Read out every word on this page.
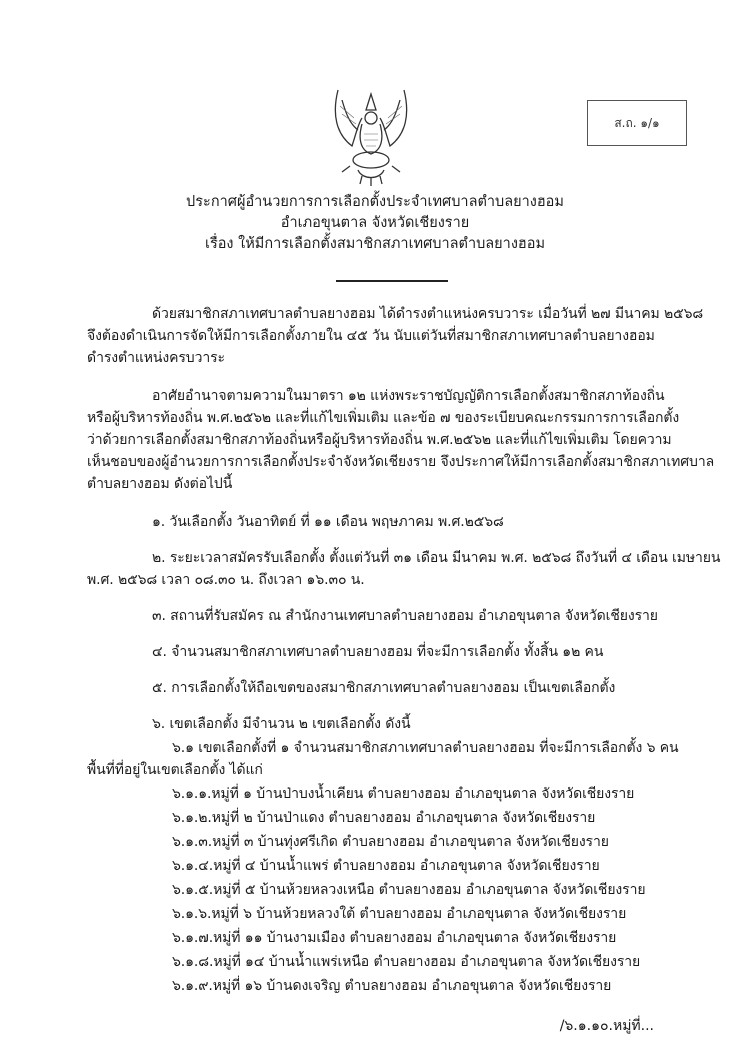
ส.ถ. ๑/๑
ประกาศผู้อำนวยการการเลือกตั้งประจำเทศบาลตำบลยางฮอม
อำเภอขุนตาล จังหวัดเชียงราย
เรื่อง ให้มีการเลือกตั้งสมาชิกสภาเทศบาลตำบลยางฮอม
ด้วยสมาชิกสภาเทศบาลตำบลยางฮอม ได้ดำรงตำแหน่งครบวาระ เมื่อวันที่ ๒๗ มีนาคม ๒๕๖๘
จึงต้องดำเนินการจัดให้มีการเลือกตั้งภายใน ๔๕ วัน นับแต่วันที่สมาชิกสภาเทศบาลตำบลยางฮอม
ดำรงตำแหน่งครบวาระ
อาศัยอำนาจตามความในมาตรา ๑๒ แห่งพระราชบัญญัติการเลือกตั้งสมาชิกสภาท้องถิ่น
หรือผู้บริหารท้องถิ่น พ.ศ.๒๕๖๒ และที่แก้ไขเพิ่มเติม และข้อ ๗ ของระเบียบคณะกรรมการการเลือกตั้ง
ว่าด้วยการเลือกตั้งสมาชิกสภาท้องถิ่นหรือผู้บริหารท้องถิ่น พ.ศ.๒๕๖๒ และที่แก้ไขเพิ่มเติม โดยความ
เห็นชอบของผู้อำนวยการการเลือกตั้งประจำจังหวัดเชียงราย จึงประกาศให้มีการเลือกตั้งสมาชิกสภาเทศบาล
ตำบลยางฮอม ดังต่อไปนี้
๑. วันเลือกตั้ง วันอาทิตย์ ที่ ๑๑ เดือน พฤษภาคม พ.ศ.๒๕๖๘
๒. ระยะเวลาสมัครรับเลือกตั้ง ตั้งแต่วันที่ ๓๑ เดือน มีนาคม พ.ศ. ๒๕๖๘ ถึงวันที่ ๔ เดือน เมษายน
พ.ศ. ๒๕๖๘ เวลา ๐๘.๓๐ น. ถึงเวลา ๑๖.๓๐ น.
๓. สถานที่รับสมัคร ณ สำนักงานเทศบาลตำบลยางฮอม อำเภอขุนตาล จังหวัดเชียงราย
๔. จำนวนสมาชิกสภาเทศบาลตำบลยางฮอม ที่จะมีการเลือกตั้ง ทั้งสิ้น ๑๒ คน
๕. การเลือกตั้งให้ถือเขตของสมาชิกสภาเทศบาลตำบลยางฮอม เป็นเขตเลือกตั้ง
๖. เขตเลือกตั้ง มีจำนวน ๒ เขตเลือกตั้ง ดังนี้
๖.๑ เขตเลือกตั้งที่ ๑ จำนวนสมาชิกสภาเทศบาลตำบลยางฮอม ที่จะมีการเลือกตั้ง ๖ คน
พื้นที่ที่อยู่ในเขตเลือกตั้ง ได้แก่
๖.๑.๑.หมู่ที่ ๑ บ้านป่าบงน้ำเคียน ตำบลยางฮอม อำเภอขุนตาล จังหวัดเชียงราย
๖.๑.๒.หมู่ที่ ๒ บ้านป่าแดง ตำบลยางฮอม อำเภอขุนตาล จังหวัดเชียงราย
๖.๑.๓.หมู่ที่ ๓ บ้านทุ่งศรีเกิด ตำบลยางฮอม อำเภอขุนตาล จังหวัดเชียงราย
๖.๑.๔.หมู่ที่ ๔ บ้านน้ำแพร่ ตำบลยางฮอม อำเภอขุนตาล จังหวัดเชียงราย
๖.๑.๕.หมู่ที่ ๕ บ้านห้วยหลวงเหนือ ตำบลยางฮอม อำเภอขุนตาล จังหวัดเชียงราย
๖.๑.๖.หมู่ที่ ๖ บ้านห้วยหลวงใต้ ตำบลยางฮอม อำเภอขุนตาล จังหวัดเชียงราย
๖.๑.๗.หมู่ที่ ๑๑ บ้านงามเมือง ตำบลยางฮอม อำเภอขุนตาล จังหวัดเชียงราย
๖.๑.๘.หมู่ที่ ๑๔ บ้านน้ำแพร่เหนือ ตำบลยางฮอม อำเภอขุนตาล จังหวัดเชียงราย
๖.๑.๙.หมู่ที่ ๑๖ บ้านดงเจริญ ตำบลยางฮอม อำเภอขุนตาล จังหวัดเชียงราย
/๖.๑.๑๐.หมู่ที่...
